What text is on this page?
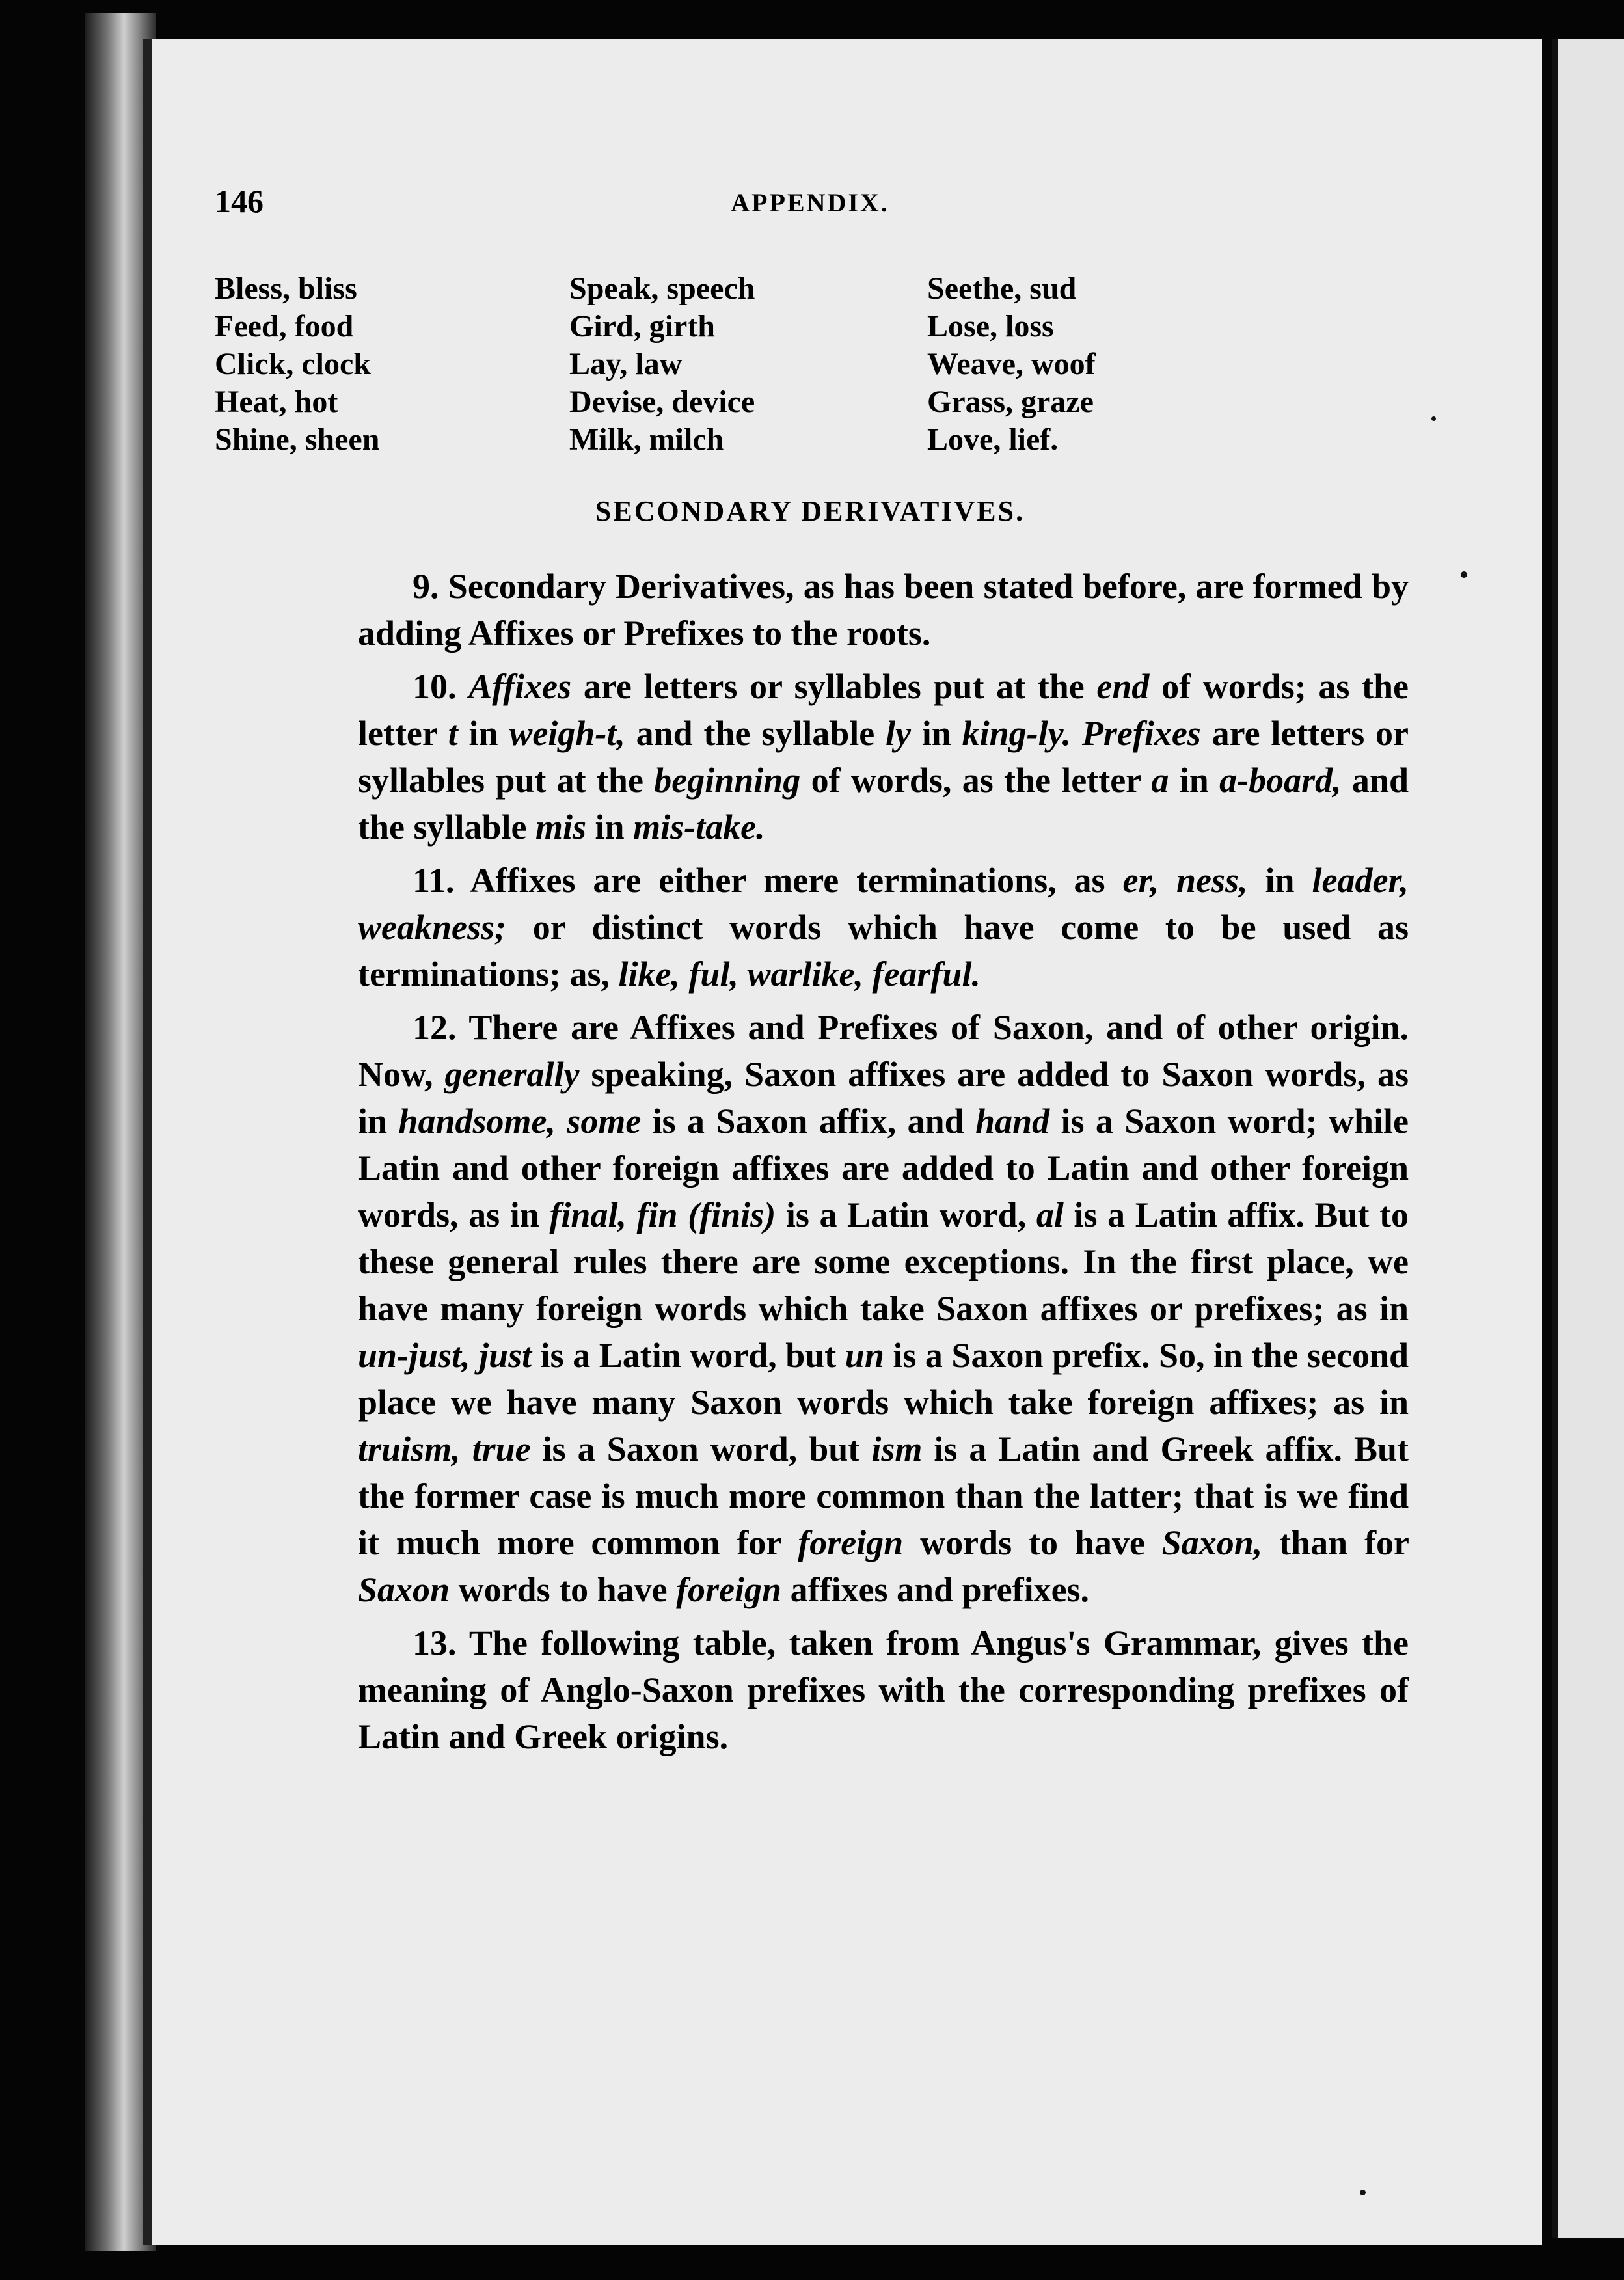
146	APPENDIX.
Bless, bliss
Feed, food
Click, clock
Heat, hot
Shine, sheen
Speak, speech
Gird, girth
Lay, law
Devise, device
Milk, milch
Seethe, sud
Lose, loss
Weave, woof
Grass, graze
Love, lief.
SECONDARY DERIVATIVES.

9. Secondary Derivatives, as has been stated before, are formed by adding Affixes or Prefixes to the roots.

10. Affixes are letters or syllables put at the end of words; as the letter t in weigh-t, and the syllable ly in king-ly. Prefixes are letters or syllables put at the beginning of words, as the letter a in a-board, and the syllable mis in mis-take.

11. Affixes are either mere terminations, as er, ness, in leader, weakness; or distinct words which have come to be used as terminations; as, like, ful, warlike, fearful.

12. There are Affixes and Prefixes of Saxon, and of other origin. Now, generally speaking, Saxon affixes are added to Saxon words, as in handsome, some is a Saxon affix, and hand is a Saxon word; while Latin and other foreign affixes are added to Latin and other foreign words, as in final, fin (finis) is a Latin word, al is a Latin affix. But to these general rules there are some exceptions. In the first place, we have many foreign words which take Saxon affixes or prefixes; as in un-just, just is a Latin word, but un is a Saxon prefix. So, in the second place we have many Saxon words which take foreign affixes; as in truism, true is a Saxon word, but ism is a Latin and Greek affix. But the former case is much more common than the latter; that is we find it much more common for foreign words to have Saxon, than for Saxon words to have foreign affixes and prefixes.

13. The following table, taken from Angus's Grammar, gives the meaning of Anglo-Saxon prefixes with the corresponding prefixes of Latin and Greek origins.
